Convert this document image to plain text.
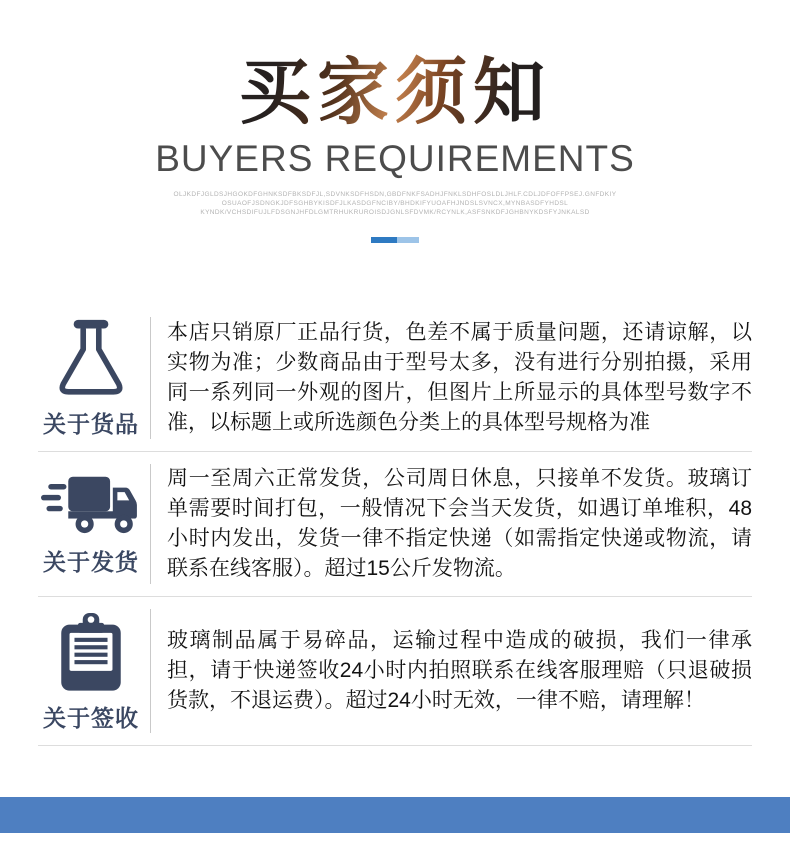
买家须知
BUYERS REQUIREMENTS
OLJKDFJGLDSJHGOKDFGHNKSDFBKSDFJL,SDVNKSDFHSDN,GBDFNKFSADHJFNKLSDHFOSLDLJHLF.CDLJDFOFFPSEJ.GNFDKIY
OSUAOFJSDNGKJDFSGHBYKISDFJLKASDGFNCIBY/BHDKIFYUOAFHJNDSLSVNCX,MYNBASDFYHDSL
KYNDK/VCHSDIFUJLFDSGNJHFDLGMTRHUKRUROISDJGNLSFDVMK/RCYNLK,ASFSNKDFJGHBNYKDSFYJNKALSD
关于货品

本店只销原厂正品行货，色差不属于质量问题，还请谅解，以实物为准；少数商品由于型号太多，没有进行分别拍摄，采用同一系列同一外观的图片，但图片上所显示的具体型号数字不准，以标题上或所选颜色分类上的具体型号规格为准

关于发货

周一至周六正常发货，公司周日休息，只接单不发货。玻璃订单需要时间打包，一般情况下会当天发货，如遇订单堆积，48小时内发出，发货一律不指定快递（如需指定快递或物流，请联系在线客服）。超过15公斤发物流。

关于签收

玻璃制品属于易碎品，运输过程中造成的破损，我们一律承担，请于快递签收24小时内拍照联系在线客服理赔（只退破损货款，不退运费）。超过24小时无效，一律不赔，请理解！
